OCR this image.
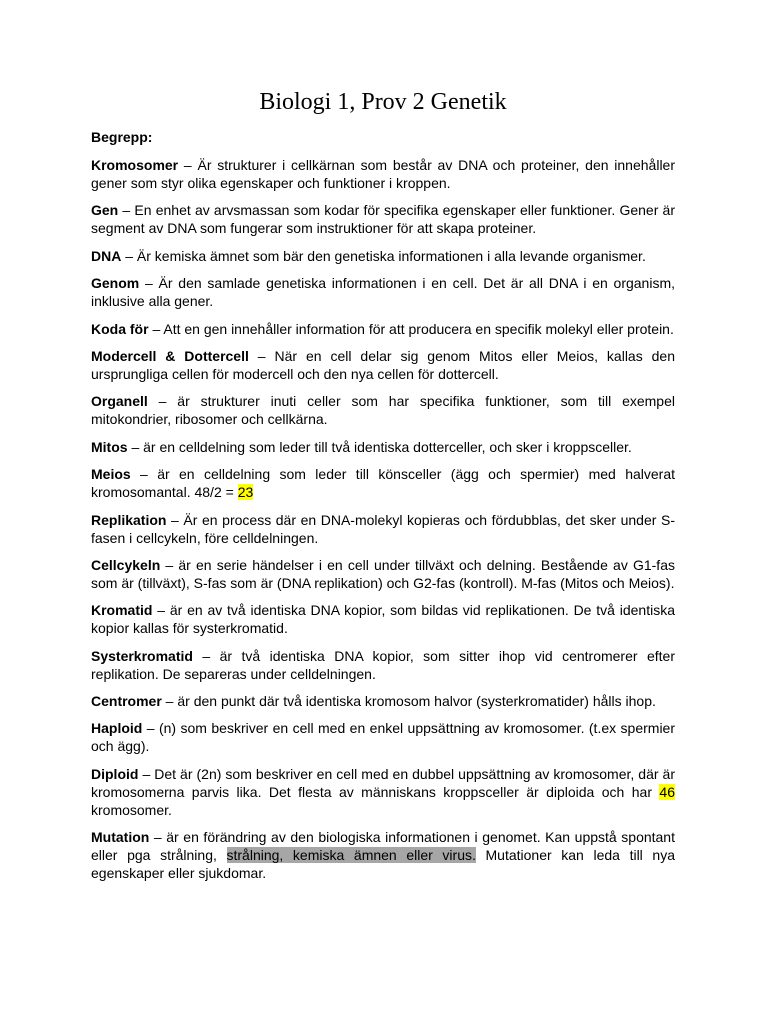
Biologi 1, Prov 2 Genetik

Begrepp:

Kromosomer – Är strukturer i cellkärnan som består av DNA och proteiner, den innehåller gener som styr olika egenskaper och funktioner i kroppen.

Gen – En enhet av arvsmassan som kodar för specifika egenskaper eller funktioner. Gener är segment av DNA som fungerar som instruktioner för att skapa proteiner.

DNA – Är kemiska ämnet som bär den genetiska informationen i alla levande organismer.

Genom – Är den samlade genetiska informationen i en cell. Det är all DNA i en organism, inklusive alla gener.

Koda för – Att en gen innehåller information för att producera en specifik molekyl eller protein.

Modercell & Dottercell – När en cell delar sig genom Mitos eller Meios, kallas den ursprungliga cellen för modercell och den nya cellen för dottercell.

Organell – är strukturer inuti celler som har specifika funktioner, som till exempel mitokondrier, ribosomer och cellkärna.

Mitos – är en celldelning som leder till två identiska dotterceller, och sker i kroppsceller.

Meios – är en celldelning som leder till könsceller (ägg och spermier) med halverat kromosomantal. 48/2 = 23

Replikation – Är en process där en DNA-molekyl kopieras och fördubblas, det sker under S-fasen i cellcykeln, före celldelningen.

Cellcykeln – är en serie händelser i en cell under tillväxt och delning. Bestående av G1-fas som är (tillväxt), S-fas som är (DNA replikation) och G2-fas (kontroll). M-fas (Mitos och Meios).

Kromatid – är en av två identiska DNA kopior, som bildas vid replikationen. De två identiska kopior kallas för systerkromatid.

Systerkromatid – är två identiska DNA kopior, som sitter ihop vid centromerer efter replikation. De separeras under celldelningen.

Centromer – är den punkt där två identiska kromosom halvor (systerkromatider) hålls ihop.

Haploid – (n) som beskriver en cell med en enkel uppsättning av kromosomer. (t.ex spermier och ägg).

Diploid – Det är (2n) som beskriver en cell med en dubbel uppsättning av kromosomer, där är kromosomerna parvis lika. Det flesta av människans kroppsceller är diploida och har 46 kromosomer.

Mutation – är en förändring av den biologiska informationen i genomet. Kan uppstå spontant eller pga strålning, strålning, kemiska ämnen eller virus. Mutationer kan leda till nya egenskaper eller sjukdomar.
